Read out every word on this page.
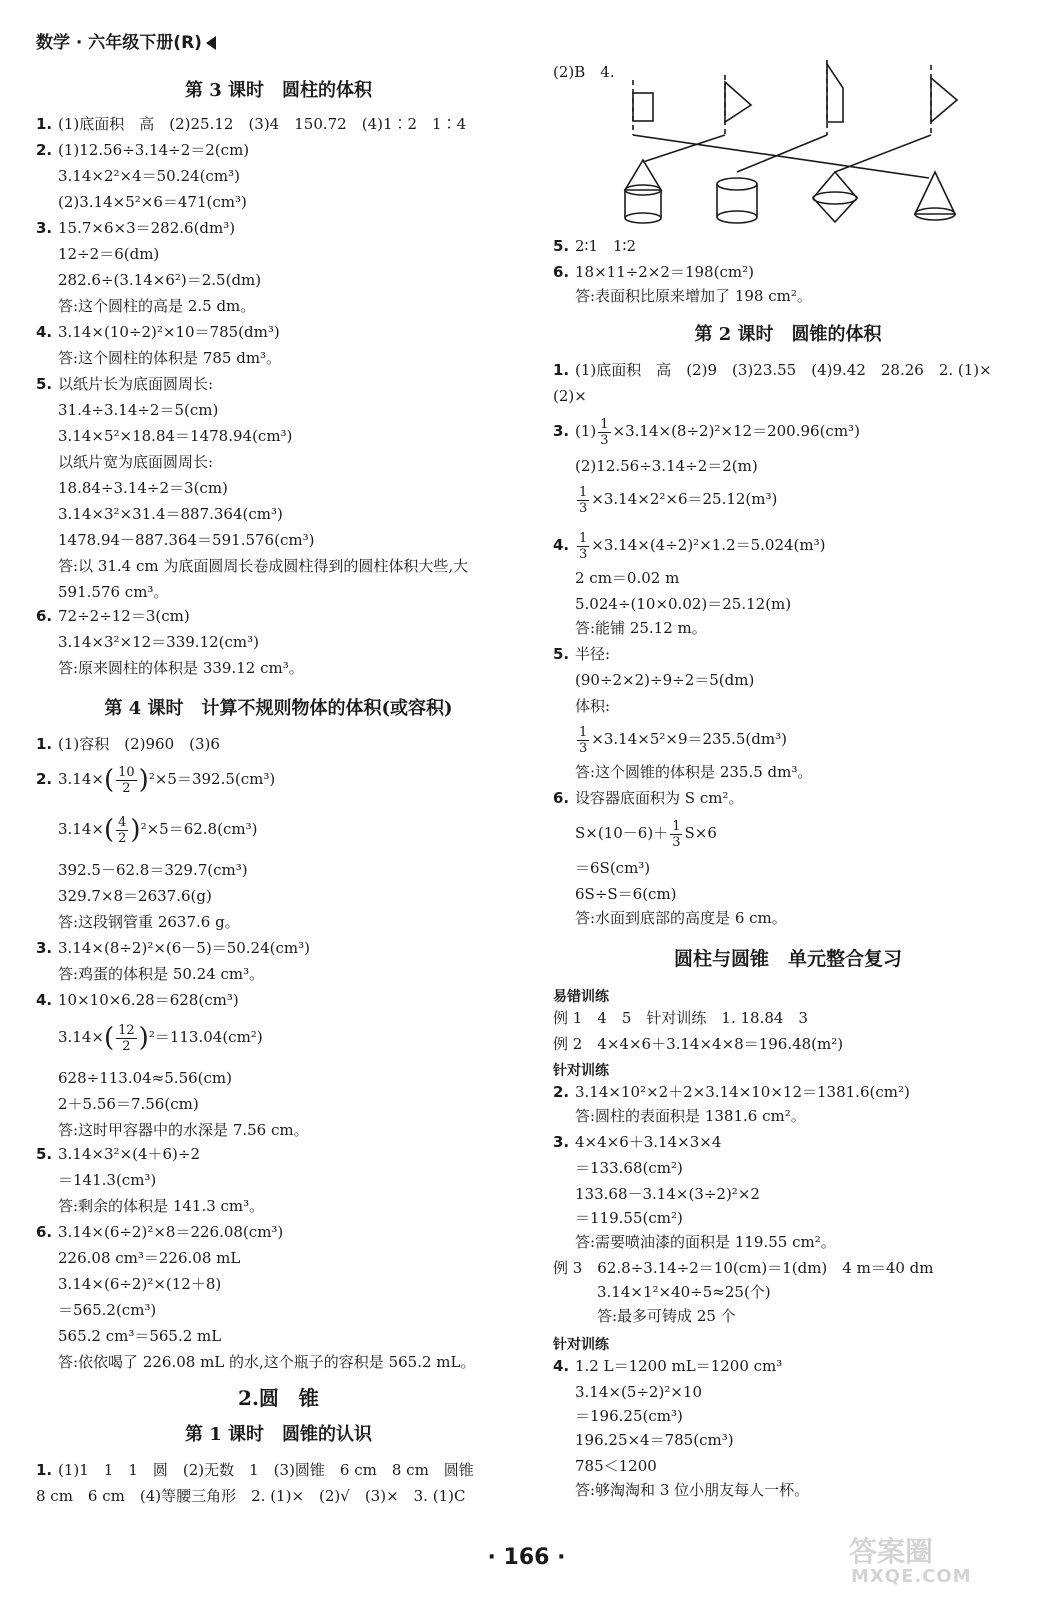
数学 · 六年级下册(R)
第 3 课时　圆柱的体积
1. (1)底面积　高　(2)25.12　(3)4　150.72　(4)1∶2　1∶4
2. (1)12.56÷3.14÷2＝2(cm)
3.14×2²×4＝50.24(cm³)
(2)3.14×5²×6＝471(cm³)
3. 15.7×6×3＝282.6(dm³)
12÷2＝6(dm)
282.6÷(3.14×6²)＝2.5(dm)
答:这个圆柱的高是 2.5 dm。
4. 3.14×(10÷2)²×10＝785(dm³)
答:这个圆柱的体积是 785 dm³。
5. 以纸片长为底面圆周长:
31.4÷3.14÷2＝5(cm)
3.14×5²×18.84＝1478.94(cm³)
以纸片宽为底面圆周长:
18.84÷3.14÷2＝3(cm)
3.14×3²×31.4＝887.364(cm³)
1478.94－887.364＝591.576(cm³)
答:以 31.4 cm 为底面圆周长卷成圆柱得到的圆柱体积大些,大
591.576 cm³。
6. 72÷2÷12＝3(cm)
3.14×3²×12＝339.12(cm³)
答:原来圆柱的体积是 339.12 cm³。
第 4 课时　计算不规则物体的体积(或容积)
1. (1)容积　(2)960　(3)6
2. $3.14\times( \frac{10}{2} )^2\times 5=392.5(cm^3)$
$3.14\times( \frac{4}{2} )^2\times 5=62.8(cm^3)$
392.5－62.8＝329.7(cm³)
329.7×8＝2637.6(g)
答:这段钢管重 2637.6 g。
3. 3.14×(8÷2)²×(6－5)＝50.24(cm³)
答:鸡蛋的体积是 50.24 cm³。
4. 10×10×6.28＝628(cm³)
$3.14\times( \frac{12}{2} )^2=113.04(cm^2)$
628÷113.04≈5.56(cm)
2＋5.56＝7.56(cm)
答:这时甲容器中的水深是 7.56 cm。
5. 3.14×3²×(4＋6)÷2
＝141.3(cm³)
答:剩余的体积是 141.3 cm³。
6. 3.14×(6÷2)²×8＝226.08(cm³)
226.08 cm³＝226.08 mL
3.14×(6÷2)²×(12＋8)
＝565.2(cm³)
565.2 cm³＝565.2 mL
答:依依喝了 226.08 mL 的水,这个瓶子的容积是 565.2 mL。
2.圆　锥
第 1 课时　圆锥的认识
1. (1)1　1　1　圆　(2)无数　1　(3)圆锥　6 cm　8 cm　圆锥
8 cm　6 cm　(4)等腰三角形　2. (1)×　(2)√　(3)×　3. (1)C
(2)B　4.
5. 2∶1　1∶2
6. 18×11÷2×2＝198(cm²)
答:表面积比原来增加了 198 cm²。
第 2 课时　圆锥的体积
1. (1)底面积　高　(2)9　(3)23.55　(4)9.42　28.26　2. (1)×
(2)×
3. $(1) \frac{1}{3} \times 3.14\times(8\div 2)^2\times 12=200.96(cm^3)$
(2)12.56÷3.14÷2＝2(m)
$\frac{1}{3} \times 3.14\times 2^2\times 6=25.12(m^3)$
4. $\frac{1}{3} \times 3.14\times(4\div 2)^2\times 1.2=5.024(m^3)$
2 cm＝0.02 m
5.024÷(10×0.02)＝25.12(m)
答:能铺 25.12 m。
5. 半径:
(90÷2×2)÷9÷2＝5(dm)
体积:
$\frac{1}{3} \times 3.14\times 5^2\times 9=235.5(dm^3)$
答:这个圆锥的体积是 235.5 dm³。
6. 设容器底面积为 S cm²。
$S\times(10-6)+ \frac{1}{3} S\times 6$
＝6S(cm³)
6S÷S＝6(cm)
答:水面到底部的高度是 6 cm。
圆柱与圆锥　单元整合复习
易错训练
例 1　4　5　针对训练　1. 18.84　3
例 2　4×4×6＋3.14×4×8＝196.48(m²)
针对训练
2. 3.14×10²×2＋2×3.14×10×12＝1381.6(cm²)
答:圆柱的表面积是 1381.6 cm²。
3. 4×4×6＋3.14×3×4
＝133.68(cm²)
133.68－3.14×(3÷2)²×2
＝119.55(cm²)
答:需要喷油漆的面积是 119.55 cm²。
例 3　62.8÷3.14÷2＝10(cm)＝1(dm)　4 m＝40 dm
3.14×1²×40÷5≈25(个)
答:最多可铸成 25 个
针对训练
4. 1.2 L＝1200 mL＝1200 cm³
3.14×(5÷2)²×10
＝196.25(cm³)
196.25×4＝785(cm³)
785＜1200
答:够淘淘和 3 位小朋友每人一杯。
· 166 ·	答案圈
MXQE.COM
